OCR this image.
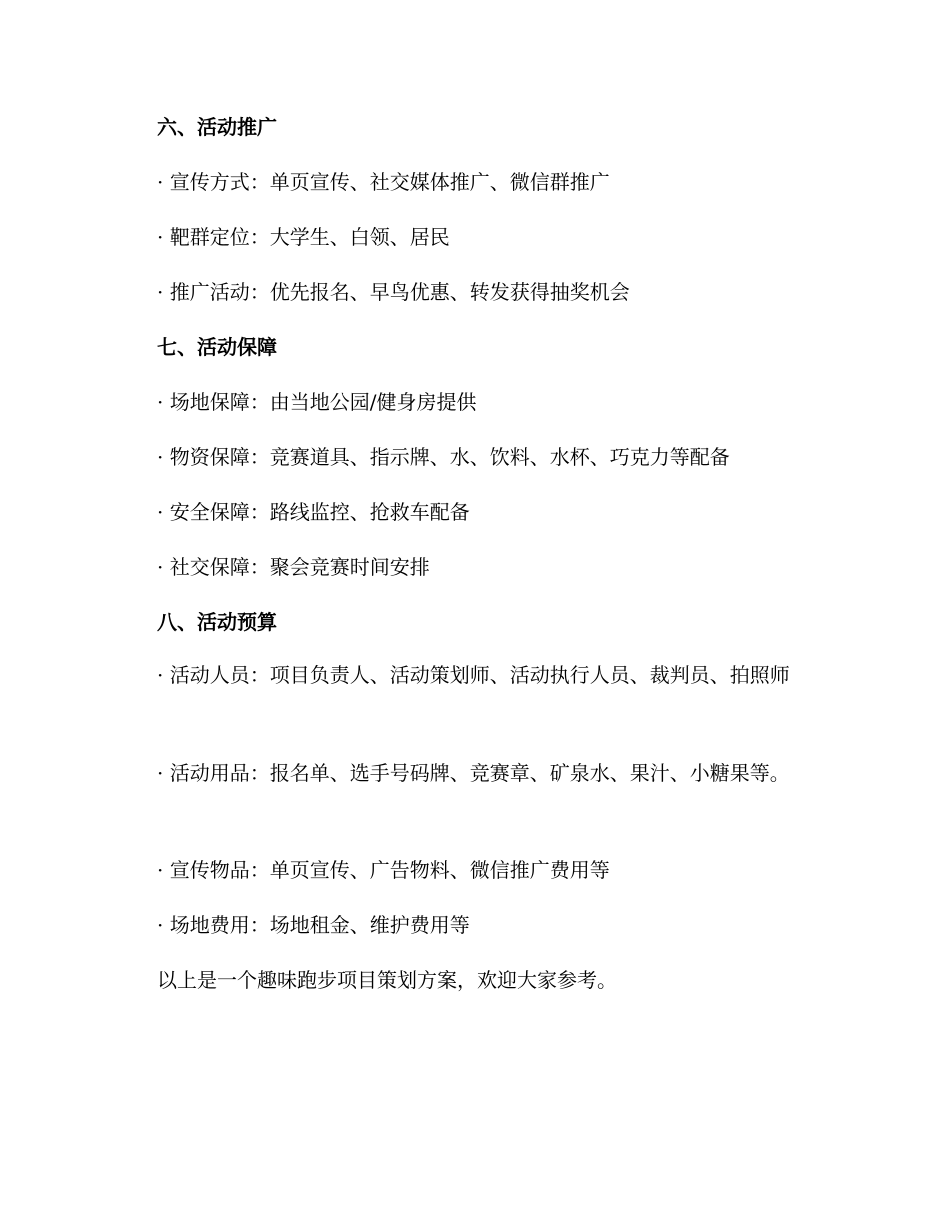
六、活动推广
· 宣传方式：单页宣传、社交媒体推广、微信群推广
· 靶群定位：大学生、白领、居民
· 推广活动：优先报名、早鸟优惠、转发获得抽奖机会
七、活动保障
· 场地保障：由当地公园/健身房提供
· 物资保障：竞赛道具、指示牌、水、饮料、水杯、巧克力等配备
· 安全保障：路线监控、抢救车配备
· 社交保障：聚会竞赛时间安排
八、活动预算
· 活动人员：项目负责人、活动策划师、活动执行人员、裁判员、拍照师
· 活动用品：报名单、选手号码牌、竞赛章、矿泉水、果汁、小糖果等。
· 宣传物品：单页宣传、广告物料、微信推广费用等
· 场地费用：场地租金、维护费用等
以上是一个趣味跑步项目策划方案，欢迎大家参考。
